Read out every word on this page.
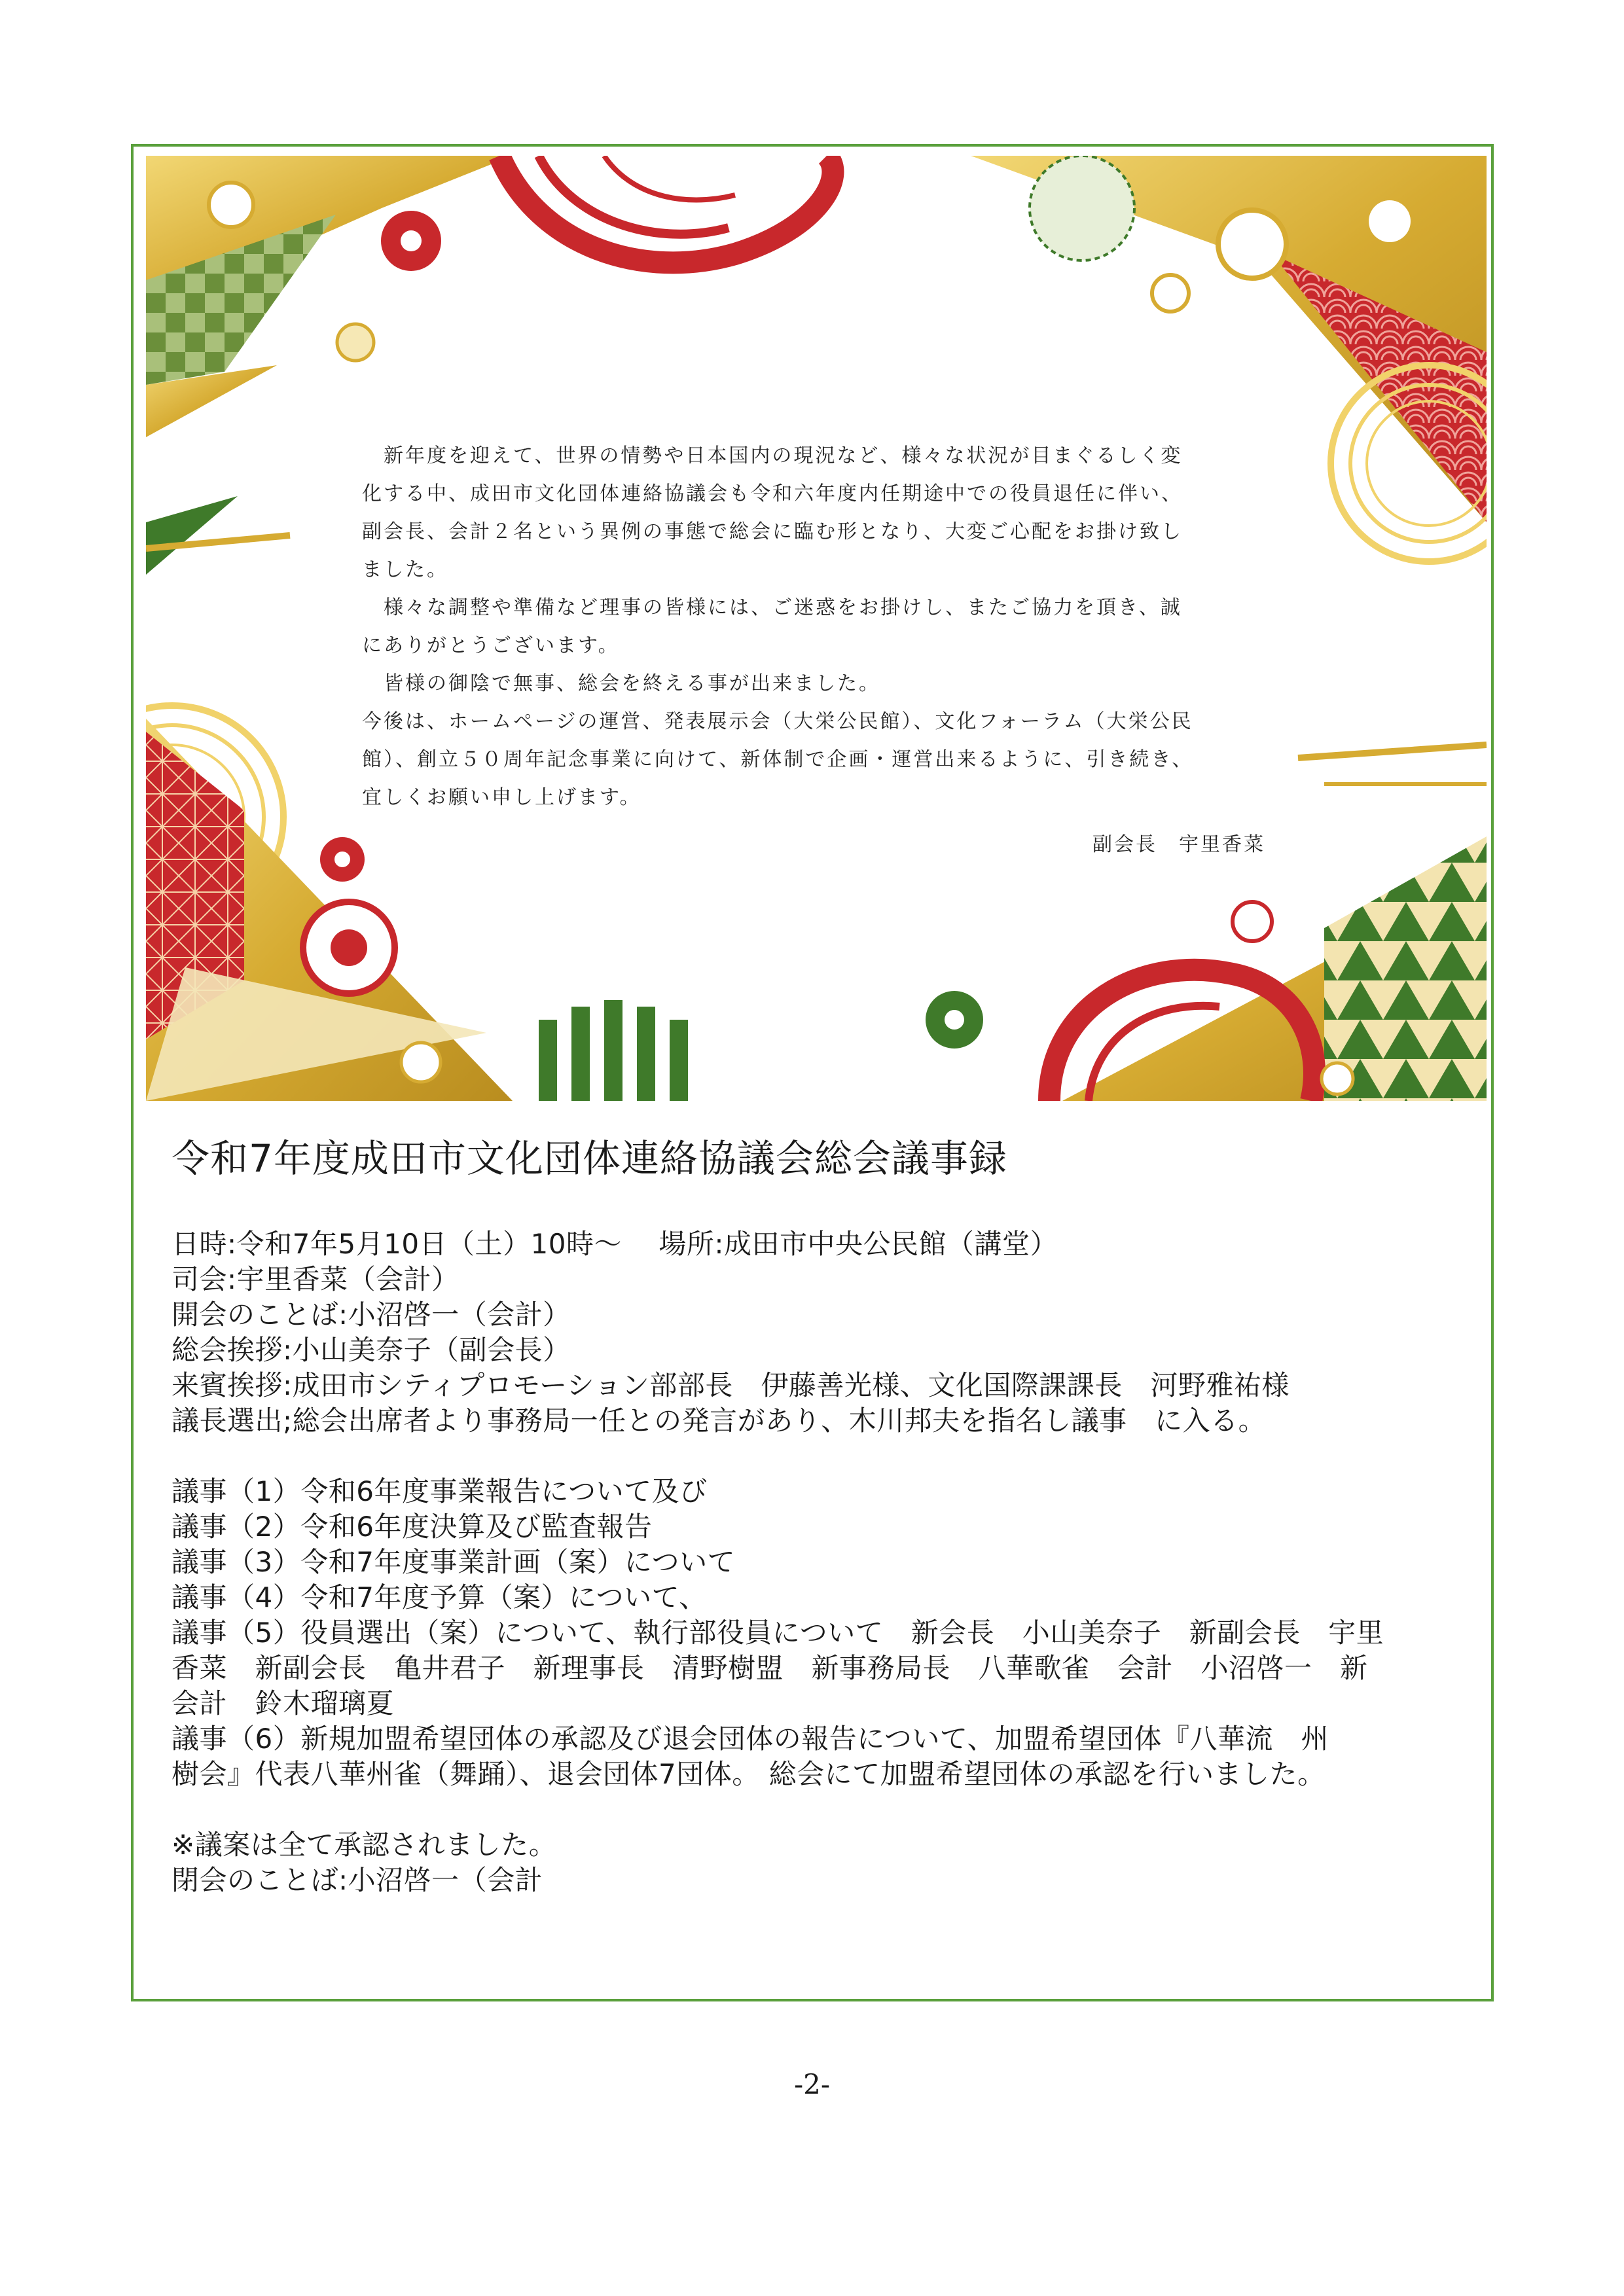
　新年度を迎えて、世界の情勢や日本国内の現況など、様々な状況が目まぐるしく変

化する中、成田市文化団体連絡協議会も令和六年度内任期途中での役員退任に伴い、

副会長、会計２名という異例の事態で総会に臨む形となり、大変ご心配をお掛け致し

ました。

　様々な調整や準備など理事の皆様には、ご迷惑をお掛けし、またご協力を頂き、誠

にありがとうございます。

　皆様の御陰で無事、総会を終える事が出来ました。

今後は、ホームページの運営、発表展示会（大栄公民館）、文化フォーラム（大栄公民

館）、創立５０周年記念事業に向けて、新体制で企画・運営出来るように、引き続き、

宜しくお願い申し上げます。

副会長　宇里香菜

令和7年度成田市文化団体連絡協議会総会議事録

日時:令和7年5月10日（土）10時～　 場所:成田市中央公民館（講堂）

司会:宇里香菜（会計）

開会のことば:小沼啓一（会計）

総会挨拶:小山美奈子（副会長）

来賓挨拶:成田市シティプロモーション部部長　伊藤善光様、文化国際課課長　河野雅祐様

議長選出;総会出席者より事務局一任との発言があり、木川邦夫を指名し議事　に入る。

議事（1）令和6年度事業報告について及び

議事（2）令和6年度決算及び監査報告

議事（3）令和7年度事業計画（案）について

議事（4）令和7年度予算（案）について、

議事（5）役員選出（案）について、執行部役員について　新会長　小山美奈子　新副会長　宇里

香菜　新副会長　亀井君子　新理事長　清野樹盟　新事務局長　八華歌雀　会計　小沼啓一　新

会計　鈴木瑠璃夏

議事（6）新規加盟希望団体の承認及び退会団体の報告について、加盟希望団体『八華流　州

樹会』代表八華州雀（舞踊）、退会団体7団体。 総会にて加盟希望団体の承認を行いました。

※議案は全て承認されました。

閉会のことば:小沼啓一（会計

-2-
